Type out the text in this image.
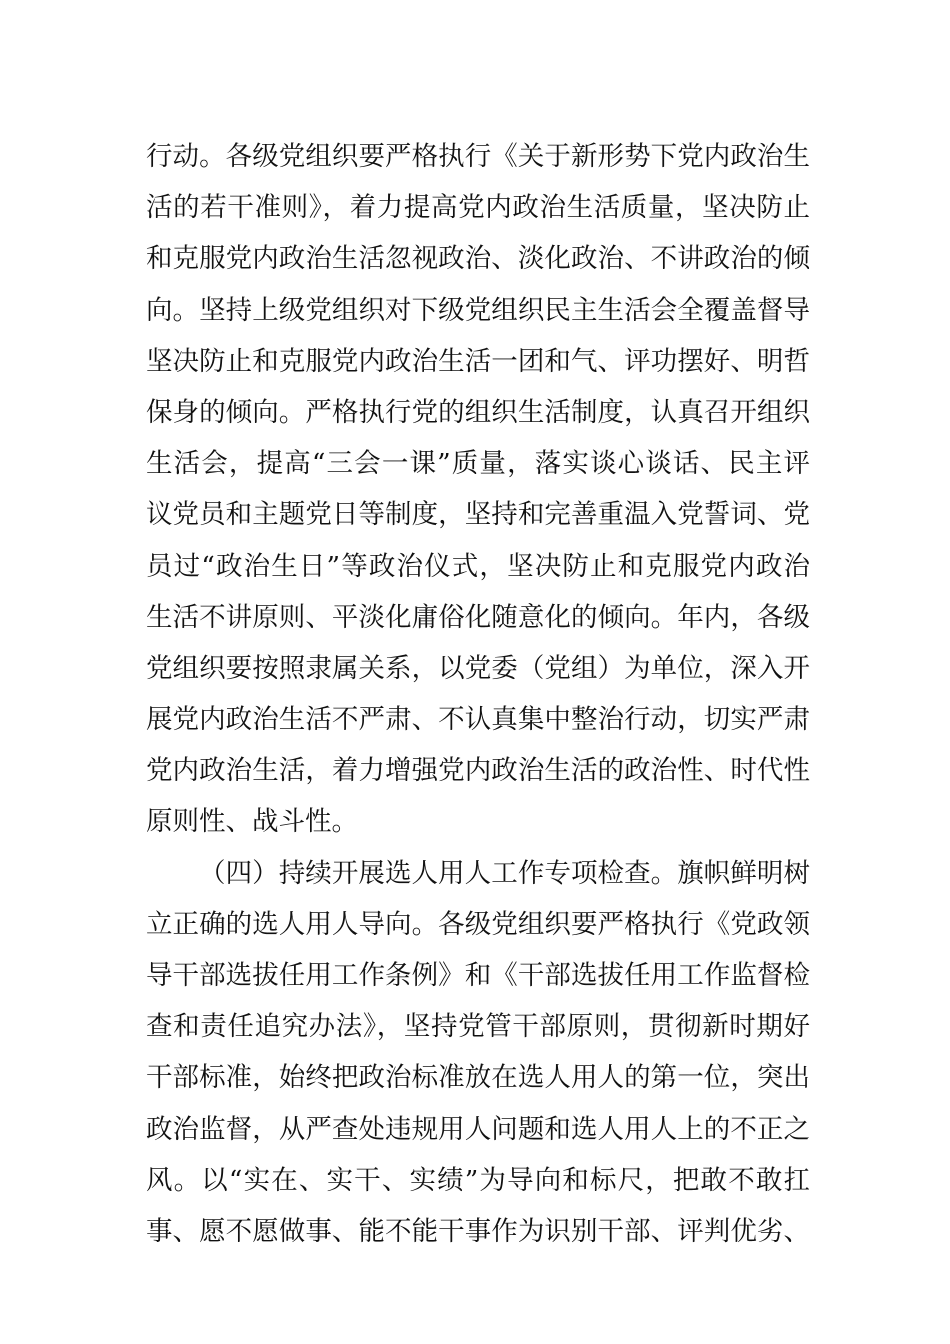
行动。各级党组织要严格执行《关于新形势下党内政治生
活的若干准则》，着力提高党内政治生活质量，坚决防止
和克服党内政治生活忽视政治、淡化政治、不讲政治的倾
向。坚持上级党组织对下级党组织民主生活会全覆盖督导
坚决防止和克服党内政治生活一团和气、评功摆好、明哲
保身的倾向。严格执行党的组织生活制度，认真召开组织
生活会，提高“三会一课”质量，落实谈心谈话、民主评
议党员和主题党日等制度，坚持和完善重温入党誓词、党
员过“政治生日”等政治仪式，坚决防止和克服党内政治
生活不讲原则、平淡化庸俗化随意化的倾向。年内，各级
党组织要按照隶属关系，以党委（党组）为单位，深入开
展党内政治生活不严肃、不认真集中整治行动，切实严肃
党内政治生活，着力增强党内政治生活的政治性、时代性
原则性、战斗性。
（四）持续开展选人用人工作专项检查。旗帜鲜明树
立正确的选人用人导向。各级党组织要严格执行《党政领
导干部选拔任用工作条例》和《干部选拔任用工作监督检
查和责任追究办法》，坚持党管干部原则，贯彻新时期好
干部标准，始终把政治标准放在选人用人的第一位，突出
政治监督，从严查处违规用人问题和选人用人上的不正之
风。以“实在、实干、实绩”为导向和标尺，把敢不敢扛
事、愿不愿做事、能不能干事作为识别干部、评判优劣、
